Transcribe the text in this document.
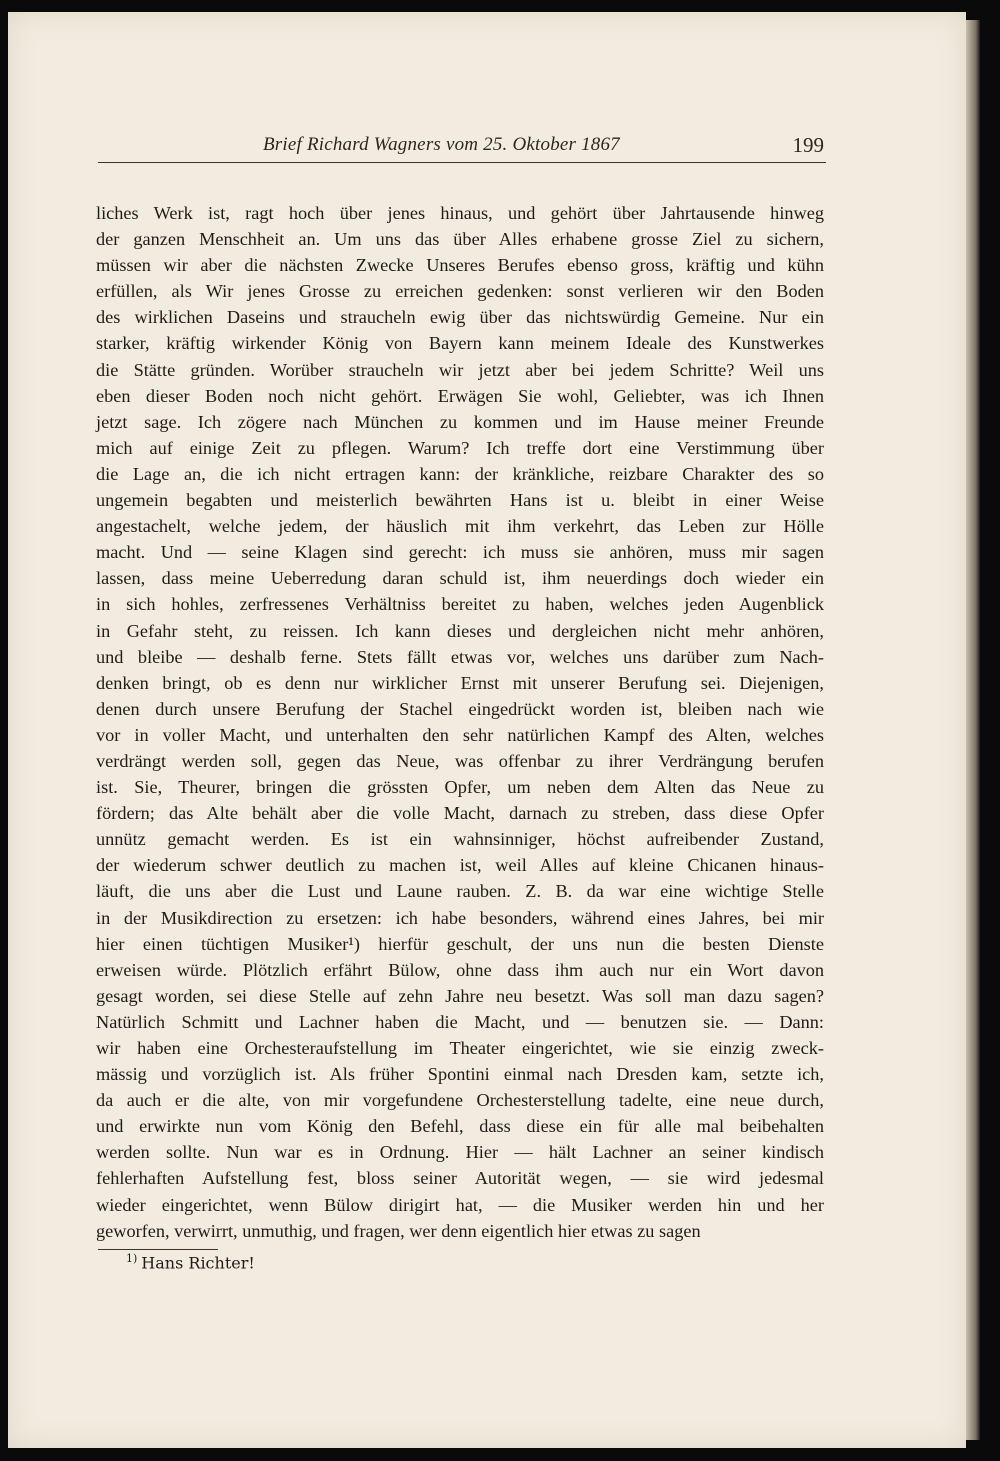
Brief Richard Wagners vom 25. Oktober 1867	199
liches Werk ist, ragt hoch über jenes hinaus, und gehört über Jahrtausende hinweg
der ganzen Menschheit an. Um uns das über Alles erhabene grosse Ziel zu sichern,
müssen wir aber die nächsten Zwecke Unseres Berufes ebenso gross, kräftig und kühn
erfüllen, als Wir jenes Grosse zu erreichen gedenken: sonst verlieren wir den Boden
des wirklichen Daseins und straucheln ewig über das nichtswürdig Gemeine. Nur ein
starker, kräftig wirkender König von Bayern kann meinem Ideale des Kunstwerkes
die Stätte gründen. Worüber straucheln wir jetzt aber bei jedem Schritte? Weil uns
eben dieser Boden noch nicht gehört. Erwägen Sie wohl, Geliebter, was ich Ihnen
jetzt sage. Ich zögere nach München zu kommen und im Hause meiner Freunde
mich auf einige Zeit zu pflegen. Warum? Ich treffe dort eine Verstimmung über
die Lage an, die ich nicht ertragen kann: der kränkliche, reizbare Charakter des so
ungemein begabten und meisterlich bewährten Hans ist u. bleibt in einer Weise
angestachelt, welche jedem, der häuslich mit ihm verkehrt, das Leben zur Hölle
macht. Und — seine Klagen sind gerecht: ich muss sie anhören, muss mir sagen
lassen, dass meine Ueberredung daran schuld ist, ihm neuerdings doch wieder ein
in sich hohles, zerfressenes Verhältniss bereitet zu haben, welches jeden Augenblick
in Gefahr steht, zu reissen. Ich kann dieses und dergleichen nicht mehr anhören,
und bleibe — deshalb ferne. Stets fällt etwas vor, welches uns darüber zum Nach-
denken bringt, ob es denn nur wirklicher Ernst mit unserer Berufung sei. Diejenigen,
denen durch unsere Berufung der Stachel eingedrückt worden ist, bleiben nach wie
vor in voller Macht, und unterhalten den sehr natürlichen Kampf des Alten, welches
verdrängt werden soll, gegen das Neue, was offenbar zu ihrer Verdrängung berufen
ist. Sie, Theurer, bringen die grössten Opfer, um neben dem Alten das Neue zu
fördern; das Alte behält aber die volle Macht, darnach zu streben, dass diese Opfer
unnütz gemacht werden. Es ist ein wahnsinniger, höchst aufreibender Zustand,
der wiederum schwer deutlich zu machen ist, weil Alles auf kleine Chicanen hinaus-
läuft, die uns aber die Lust und Laune rauben. Z. B. da war eine wichtige Stelle
in der Musikdirection zu ersetzen: ich habe besonders, während eines Jahres, bei mir
hier einen tüchtigen Musiker¹) hierfür geschult, der uns nun die besten Dienste
erweisen würde. Plötzlich erfährt Bülow, ohne dass ihm auch nur ein Wort davon
gesagt worden, sei diese Stelle auf zehn Jahre neu besetzt. Was soll man dazu sagen?
Natürlich Schmitt und Lachner haben die Macht, und — benutzen sie. — Dann:
wir haben eine Orchesteraufstellung im Theater eingerichtet, wie sie einzig zweck-
mässig und vorzüglich ist. Als früher Spontini einmal nach Dresden kam, setzte ich,
da auch er die alte, von mir vorgefundene Orchesterstellung tadelte, eine neue durch,
und erwirkte nun vom König den Befehl, dass diese ein für alle mal beibehalten
werden sollte. Nun war es in Ordnung. Hier — hält Lachner an seiner kindisch
fehlerhaften Aufstellung fest, bloss seiner Autorität wegen, — sie wird jedesmal
wieder eingerichtet, wenn Bülow dirigirt hat, — die Musiker werden hin und her
geworfen, verwirrt, unmuthig, und fragen, wer denn eigentlich hier etwas zu sagen
$^{1)}$ Hans Richter!
